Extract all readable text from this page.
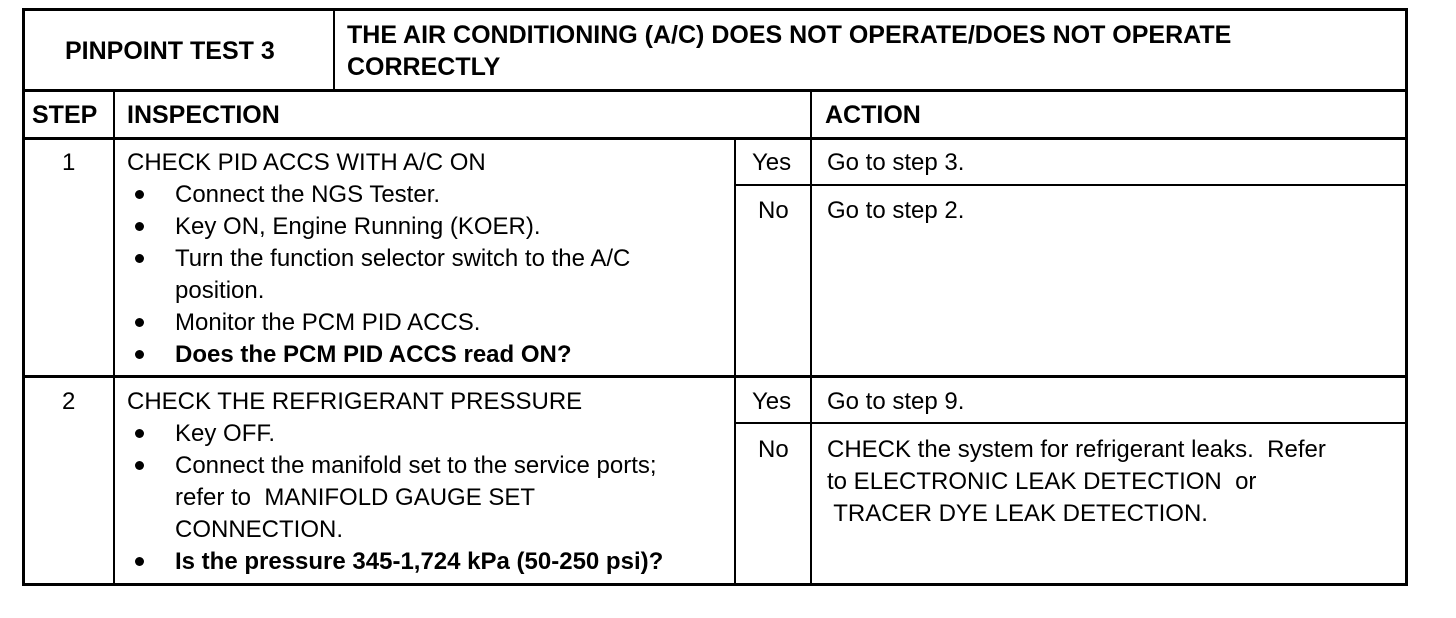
PINPOINT TEST 3
THE AIR CONDITIONING (A/C) DOES NOT OPERATE/DOES NOT OPERATE
CORRECTLY
STEP INSPECTION	ACTION
1 CHECK PID ACCS WITH A/C ON
Connect the NGS Tester.
Key ON, Engine Running (KOER).
Turn the function selector switch to the A/C
position.
Monitor the PCM PID ACCS.
Does the PCM PID ACCS read ON?
Yes Go to step 3.
No Go to step 2.
2 CHECK THE REFRIGERANT PRESSURE
Key OFF.
Connect the manifold set to the service ports;
refer to  MANIFOLD GAUGE SET
CONNECTION.
Is the pressure 345-1,724 kPa (50-250 psi)?
Yes Go to step 9.
No CHECK the system for refrigerant leaks.  Refer
to ELECTRONIC LEAK DETECTION  or
TRACER DYE LEAK DETECTION.
